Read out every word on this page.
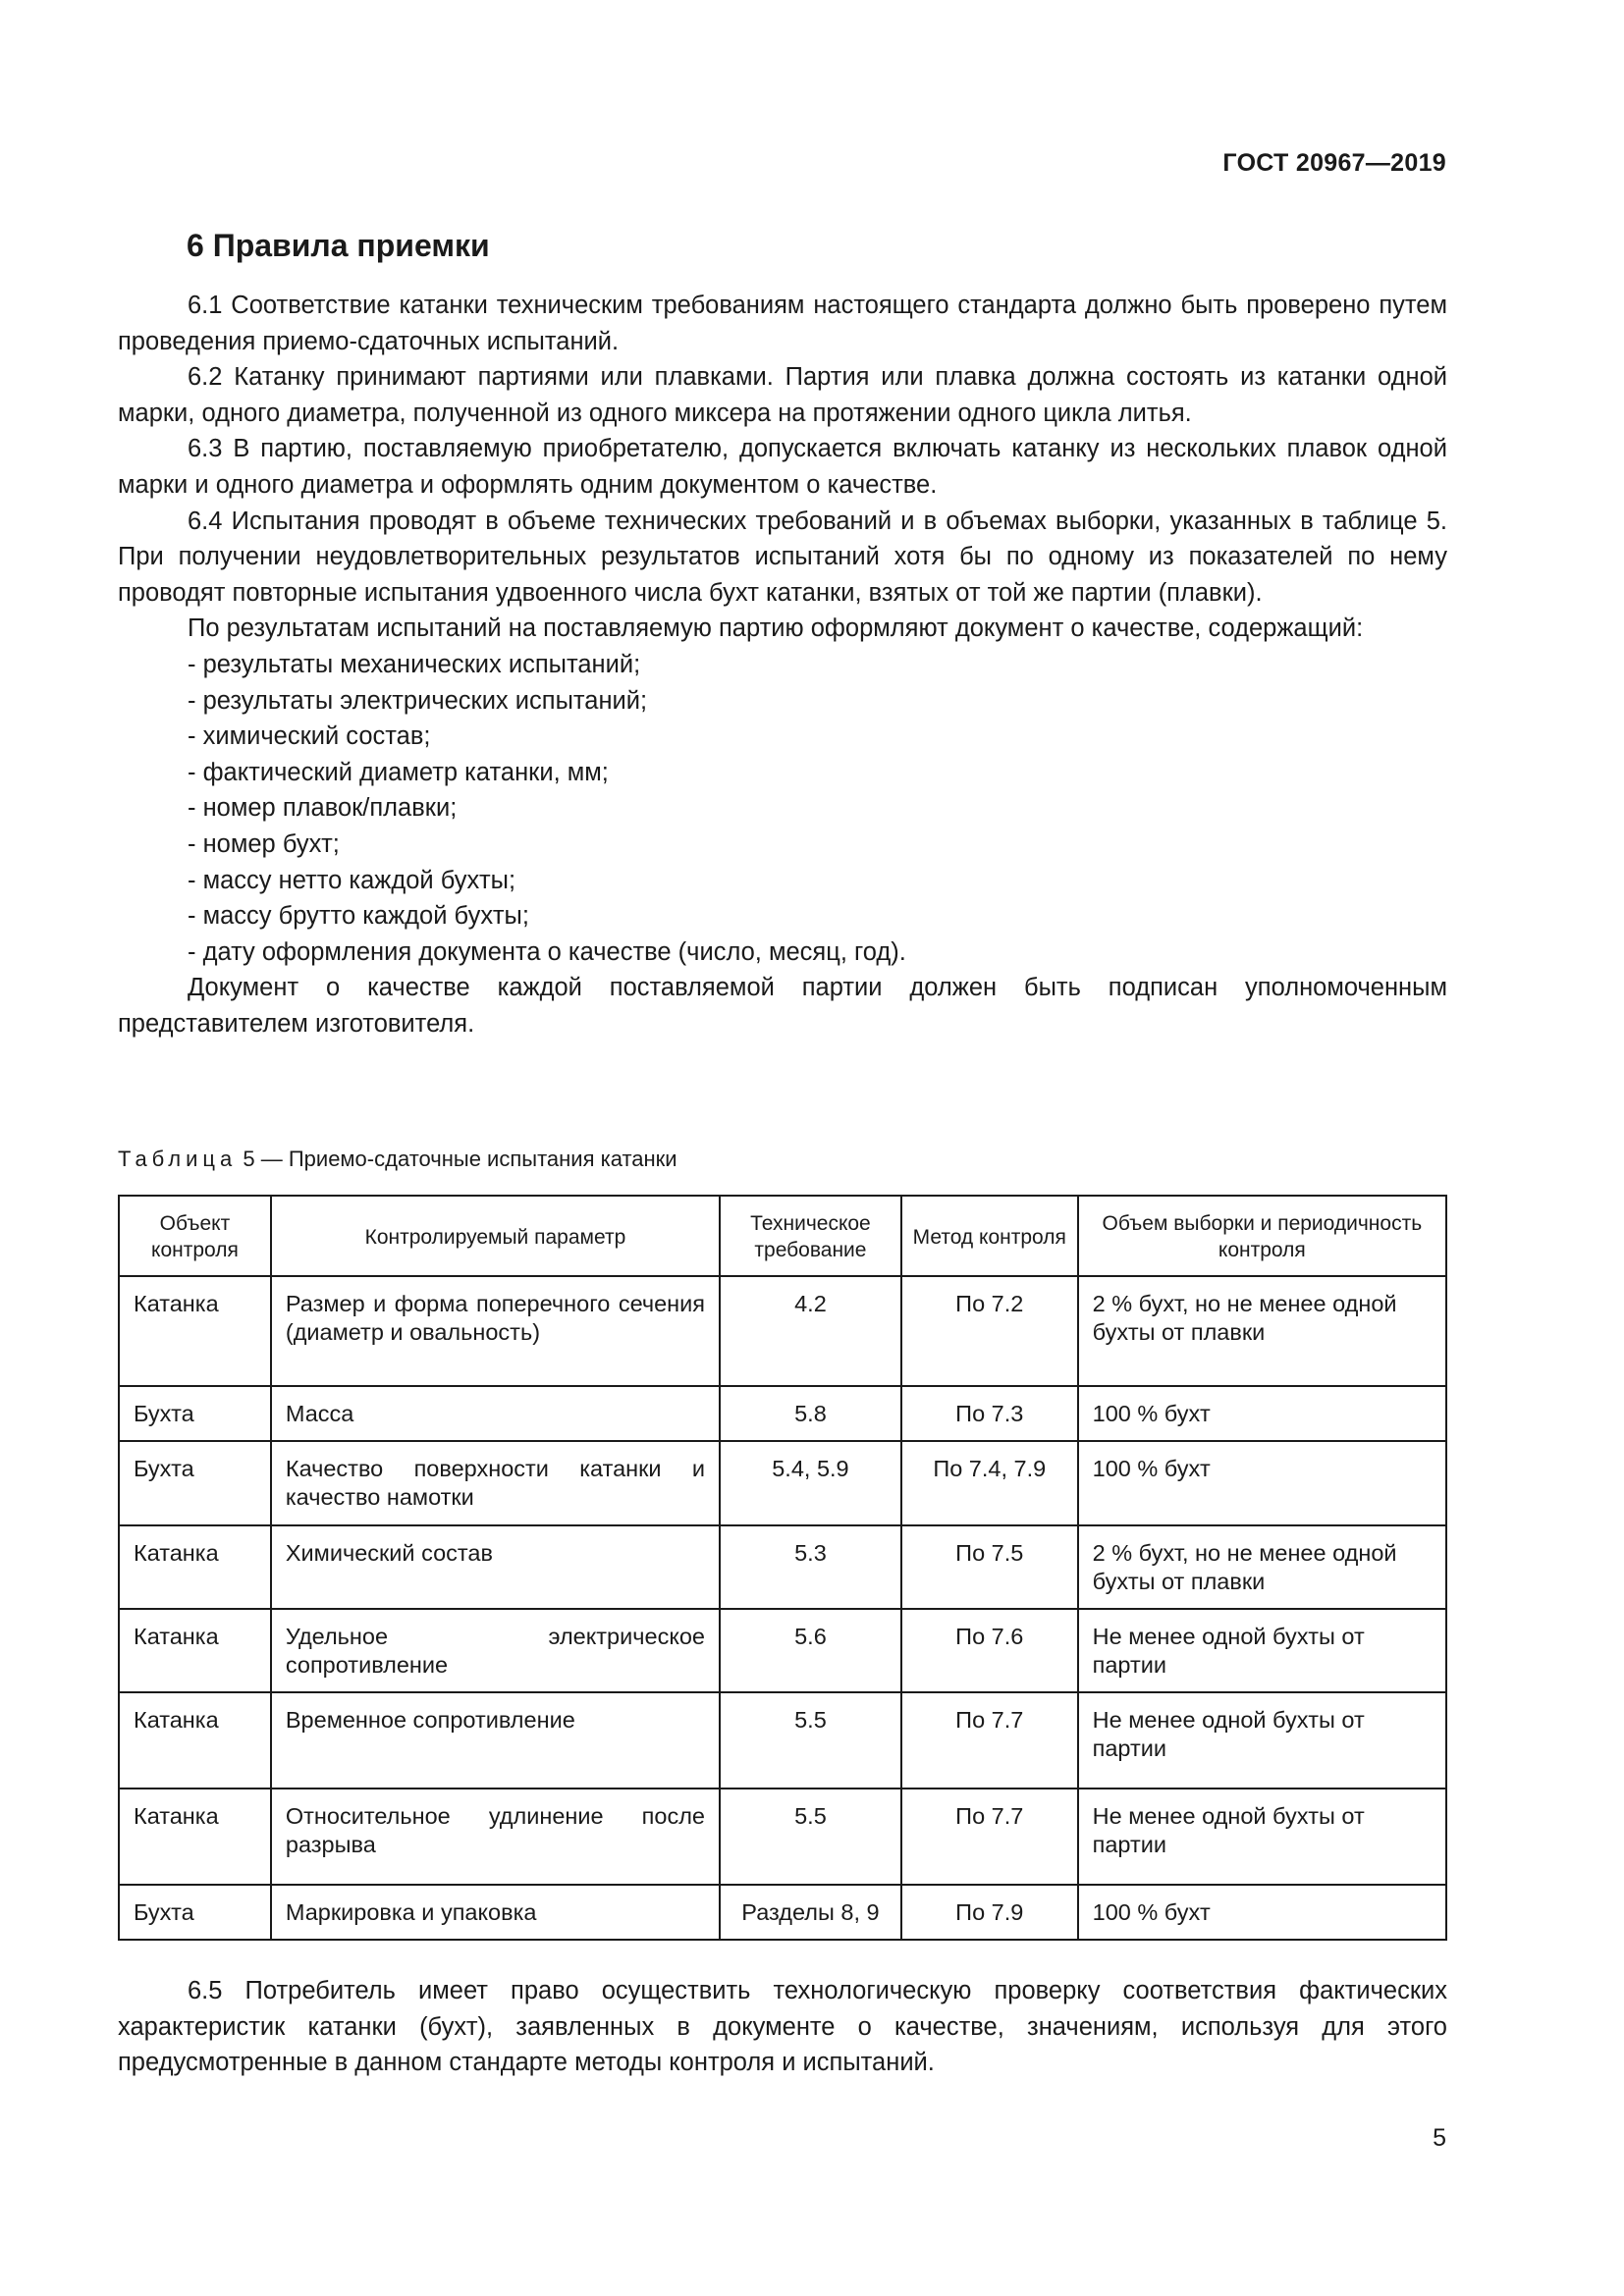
ГОСТ 20967—2019
6 Правила приемки

6.1 Соответствие катанки техническим требованиям настоящего стандарта должно быть проверено путем проведения приемо-сдаточных испытаний.

6.2 Катанку принимают партиями или плавками. Партия или плавка должна состоять из катанки одной марки, одного диаметра, полученной из одного миксера на протяжении одного цикла литья.

6.3 В партию, поставляемую приобретателю, допускается включать катанку из нескольких плавок одной марки и одного диаметра и оформлять одним документом о качестве.

6.4 Испытания проводят в объеме технических требований и в объемах выборки, указанных в таблице 5. При получении неудовлетворительных результатов испытаний хотя бы по одному из показателей по нему проводят повторные испытания удвоенного числа бухт катанки, взятых от той же партии (плавки).

По результатам испытаний на поставляемую партию оформляют документ о качестве, содержащий:

- результаты механических испытаний;
- результаты электрических испытаний;
- химический состав;
- фактический диаметр катанки, мм;
- номер плавок/плавки;
- номер бухт;
- массу нетто каждой бухты;
- массу брутто каждой бухты;
- дату оформления документа о качестве (число, месяц, год).

Документ о качестве каждой поставляемой партии должен быть подписан уполномоченным представителем изготовителя.

Таблица 5 — Приемо-сдаточные испытания катанки
Объект контроля	Контролируемый параметр	Техническое требование	Метод контроля	Объем выборки и периодичность контроля
Катанка	Размер и форма поперечного сечения (диаметр и овальность)	4.2	По 7.2	2 % бухт, но не менее одной бухты от плавки
Бухта	Масса	5.8	По 7.3	100 % бухт
Бухта	Качество поверхности катанки и качество намотки	5.4, 5.9	По 7.4, 7.9	100 % бухт
Катанка	Химический состав	5.3	По 7.5	2 % бухт, но не менее одной бухты от плавки
Катанка	Удельное электрическое сопротивление	5.6	По 7.6	Не менее одной бухты от партии
Катанка	Временное сопротивление	5.5	По 7.7	Не менее одной бухты от партии
Катанка	Относительное удлинение после разрыва	5.5	По 7.7	Не менее одной бухты от партии
Бухта	Маркировка и упаковка	Разделы 8, 9	По 7.9	100 % бухт

6.5 Потребитель имеет право осуществить технологическую проверку соответствия фактических характеристик катанки (бухт), заявленных в документе о качестве, значениям, используя для этого предусмотренные в данном стандарте методы контроля и испытаний.

5
